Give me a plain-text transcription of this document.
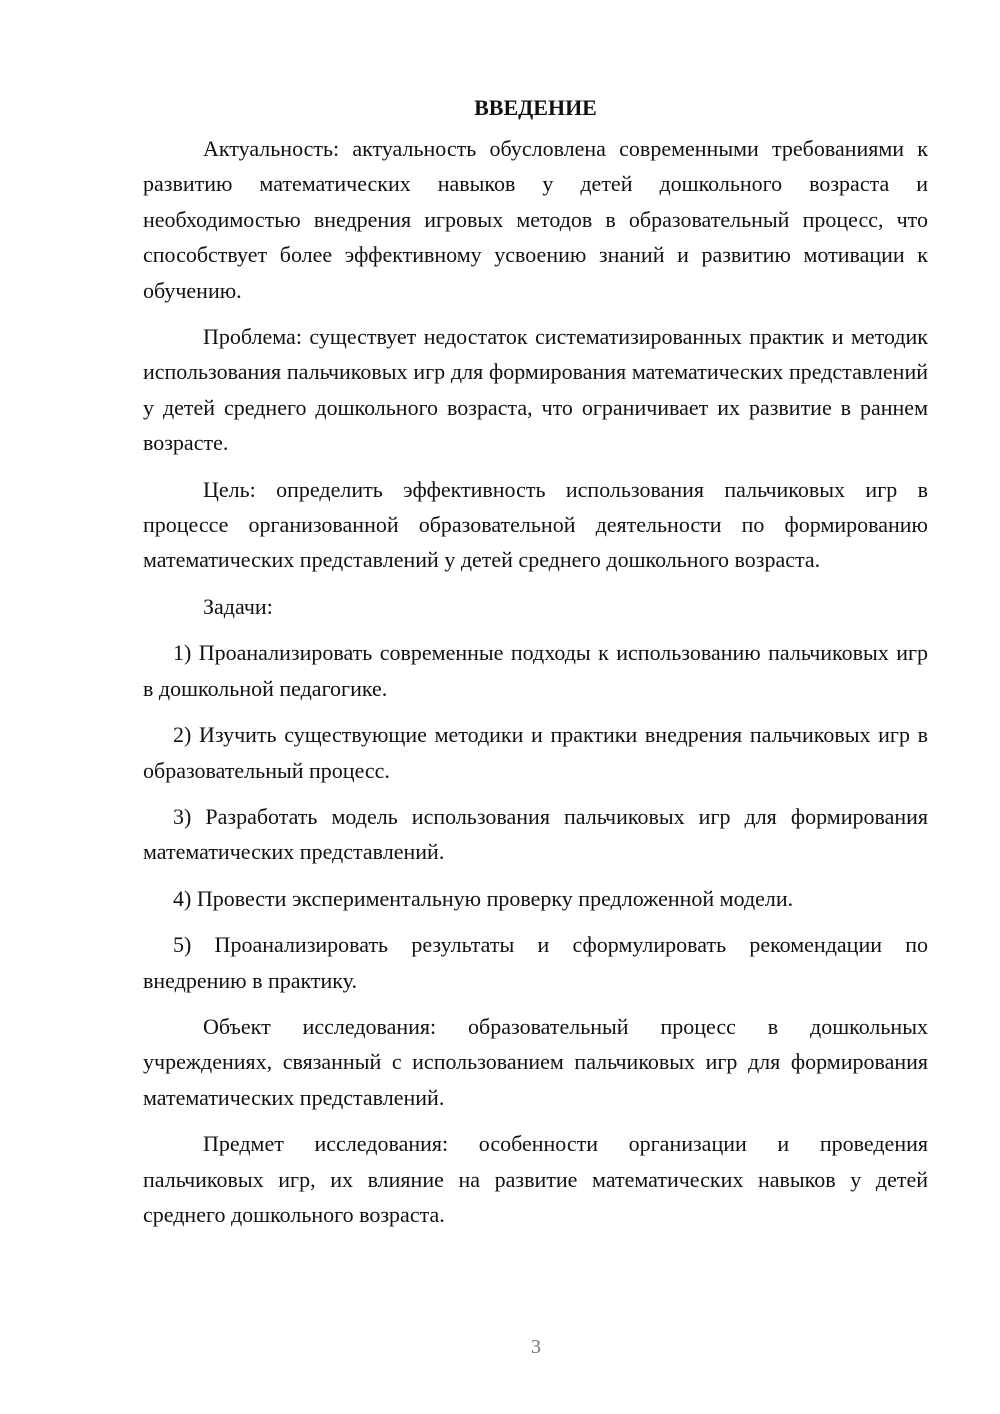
ВВЕДЕНИЕ

Актуальность: актуальность обусловлена современными требованиями к развитию математических навыков у детей дошкольного возраста и необходимостью внедрения игровых методов в образовательный процесс, что способствует более эффективному усвоению знаний и развитию мотивации к обучению.

Проблема: существует недостаток систематизированных практик и методик использования пальчиковых игр для формирования математических представлений у детей среднего дошкольного возраста, что ограничивает их развитие в раннем возрасте.

Цель: определить эффективность использования пальчиковых игр в процессе организованной образовательной деятельности по формированию математических представлений у детей среднего дошкольного возраста.

Задачи:

1) Проанализировать современные подходы к использованию пальчиковых игр в дошкольной педагогике.

2) Изучить существующие методики и практики внедрения пальчиковых игр в образовательный процесс.

3) Разработать модель использования пальчиковых игр для формирования математических представлений.

4) Провести экспериментальную проверку предложенной модели.

5) Проанализировать результаты и сформулировать рекомендации по внедрению в практику.

Объект исследования: образовательный процесс в дошкольных учреждениях, связанный с использованием пальчиковых игр для формирования математических представлений.

Предмет исследования: особенности организации и проведения пальчиковых игр, их влияние на развитие математических навыков у детей среднего дошкольного возраста.

3
